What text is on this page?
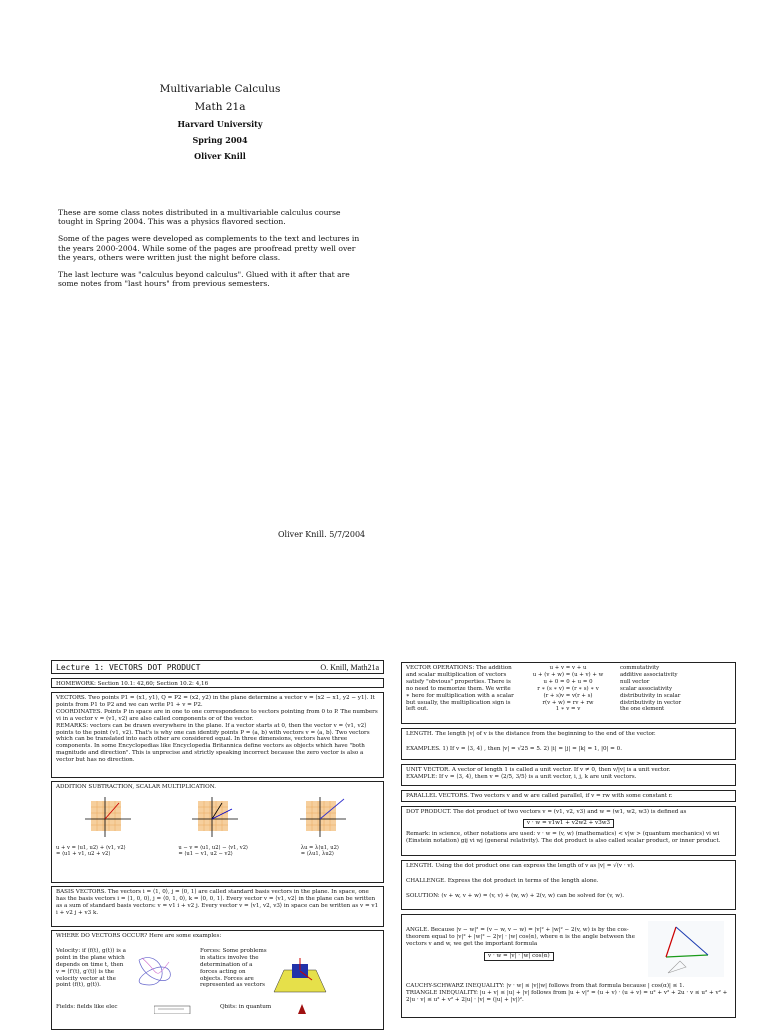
Multivariable Calculus
Math 21a
Harvard University
Spring 2004
Oliver Knill

These are some class notes distributed in a multivariable calculus course tought in Spring 2004. This was a physics flavored section.

Some of the pages were developed as complements to the text and lectures in the years 2000-2004. While some of the pages are proofread pretty well over the years, others were written just the night before class.

The last lecture was "calculus beyond calculus". Glued with it after that are some notes from "last hours" from previous semesters.

Oliver Knill. 5/7/2004
Lecture 1: VECTORS DOT PRODUCT	O. Knill, Math21a
HOMEWORK: Section 10.1: 42,60; Section 10.2: 4,16
VECTORS. Two points P1 = (x1, y1), Q = P2 = (x2, y2) in the plane determine a vector v = ⟨x2 − x1, y2 − y1⟩. It points from P1 to P2 and we can write P1 + v = P2.
COORDINATES. Points P in space are in one to one correspondence to vectors pointing from 0 to P. The numbers vi in a vector v = (v1, v2) are also called components or of the vector.
REMARKS: vectors can be drawn everywhere in the plane. If a vector starts at 0, then the vector v = ⟨v1, v2⟩ points to the point (v1, v2). That's is why one can identify points P = (a, b) with vectors v = ⟨a, b⟩. Two vectors which can be translated into each other are considered equal. In three dimensions, vectors have three components. In some Encyclopedias like Encyclopedia Britannica define vectors as objects which have "both magnitude and direction". This is unprecise and strictly speaking incorrect because the zero vector is also a vector but has no direction.
ADDITION SUBTRACTION, SCALAR MULTIPLICATION.
u + v = ⟨u1, u2⟩ + ⟨v1, v2⟩
= ⟨u1 + v1, u2 + v2⟩
u − v = ⟨u1, u2⟩ − ⟨v1, v2⟩
= ⟨u1 − v1, u2 − v2⟩
λu = λ⟨u1, u2⟩
= ⟨λu1, λu2⟩
BASIS VECTORS. The vectors i = ⟨1, 0⟩, j = ⟨0, 1⟩ are called standard basis vectors in the plane. In space, one has the basis vectors i = ⟨1, 0, 0⟩, j = ⟨0, 1, 0⟩, k = ⟨0, 0, 1⟩. Every vector v = ⟨v1, v2⟩ in the plane can be written as a sum of standard basis vectors: v = v1 i + v2 j. Every vector v = ⟨v1, v2, v3⟩ in space can be written as v = v1 i + v2 j + v3 k.
WHERE DO VECTORS OCCUR? Here are some examples:
Velocity: if (f(t), g(t)) is a point in the plane which depends on time t, then v = ⟨f′(t), g′(t)⟩ is the velocity vector at the point (f(t), g(t)).
Forces: Some problems in statics involve the determination of a forces acting on objects. Forces are represented as vectors
Fields: fields like elec	Qbits: in quantum
VECTOR OPERATIONS: The addition and scalar multiplication of vectors satisfy "obvious" properties. There is no need to memorize them. We write ∗ here for multiplication with a scalar but usually, the multiplication sign is left out.
u + v = v + u	commutativity
u + (v + w) = (u + v) + w	additive associativity
u + 0 = 0 + u = 0	null vector
r ∗ (s ∗ v) = (r ∗ s) ∗ v	scalar associativity
(r + s)v = v(r + s)	distributivity in scalar
r(v + w) = rv + rw	distributivity in vector
1 ∗ v = v	the one element
LENGTH. The length |v| of v is the distance from the beginning to the end of the vector.
EXAMPLES. 1) If v = ⟨3, 4⟩ , then |v| = √25 = 5. 2) |i| = |j| = |k| = 1, |0| = 0.
UNIT VECTOR. A vector of length 1 is called a unit vector. If v ≠ 0, then v/|v| is a unit vector.
EXAMPLE: If v = ⟨3, 4⟩, then v = ⟨2/5, 3/5⟩ is a unit vector, i, j, k are unit vectors.
PARALLEL VECTORS. Two vectors v and w are called parallel, if v = rw with some constant r.
DOT PRODUCT. The dot product of two vectors v = (v1, v2, v3) and w = (w1, w2, w3) is defined as
v · w = v1w1 + v2w2 + v3w3
Remark: in science, other notations are used: v · w = (v, w) (mathematics) < v|w > (quantum mechanics) vi wi (Einstein notation) gij vi wj (general relativity). The dot product is also called scalar product, or inner product.
LENGTH. Using the dot product one can express the length of v as |v| = √(v · v).
CHALLENGE. Express the dot product in terms of the length alone.
SOLUTION: (v + w, v + w) = (v, v) + (w, w) + 2(v, w) can be solved for (v, w).
ANGLE. Because |v − w|² = (v − w, v − w) = |v|² + |w|² − 2(v, w) is by the cos-theorem equal to |v|² + |w|² − 2|v| · |w| cos(α), where α is the angle between the vectors v and w, we get the important formula
v · w = |v| · |w| cos(α)
CAUCHY-SCHWARZ INEQUALITY: |v · w| ≤ |v||w| follows from that formula because | cos(α)| ≤ 1.
TRIANGLE INEQUALITY: |u + v| ≤ |u| + |v| follows from |u + v|² = (u + v) · (u + v) = u² + v² + 2u · v ≤ u² + v² + 2|u · v| ≤ u² + v² + 2|u| · |v| = (|u| + |v|)².
